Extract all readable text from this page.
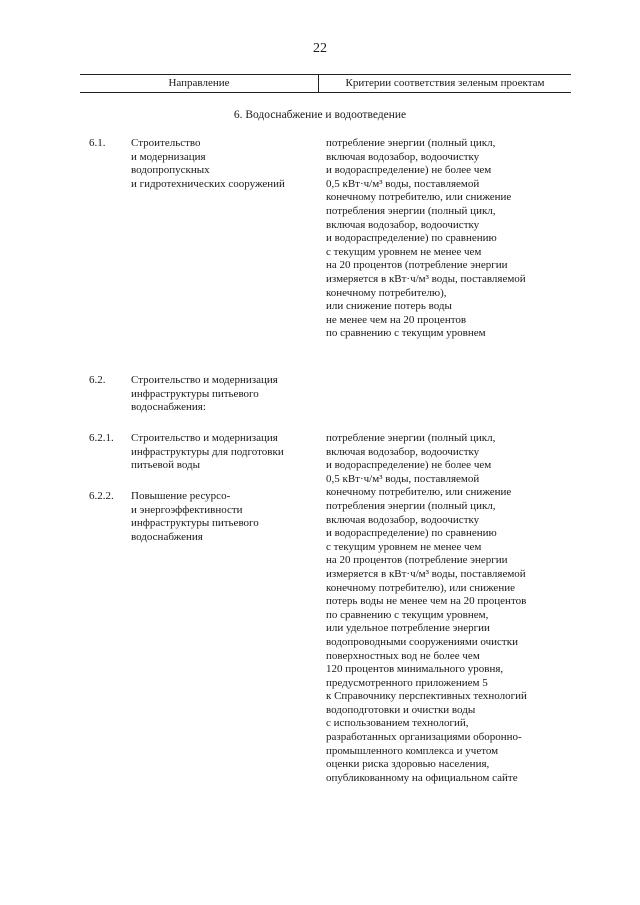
22
Направление	Критерии соответствия зеленым проектам
6. Водоснабжение и водоотведение
6.1. Строительство
и модернизация
водопропускных
и гидротехнических сооружений
потребление энергии (полный цикл,
включая водозабор, водоочистку
и водораспределение) не более чем
0,5 кВт·ч/м³ воды, поставляемой
конечному потребителю, или снижение
потребления энергии (полный цикл,
включая водозабор, водоочистку
и водораспределение) по сравнению
с текущим уровнем не менее чем
на 20 процентов (потребление энергии
измеряется в кВт·ч/м³ воды, поставляемой
конечному потребителю),
или снижение потерь воды
не менее чем на 20 процентов
по сравнению с текущим уровнем
6.2. Строительство и модернизация
инфраструктуры питьевого
водоснабжения:
6.2.1. Строительство и модернизация
инфраструктуры для подготовки
питьевой воды
6.2.2. Повышение ресурсо-
и энергоэффективности
инфраструктуры питьевого
водоснабжения
потребление энергии (полный цикл,
включая водозабор, водоочистку
и водораспределение) не более чем
0,5 кВт·ч/м³ воды, поставляемой
конечному потребителю, или снижение
потребления энергии (полный цикл,
включая водозабор, водоочистку
и водораспределение) по сравнению
с текущим уровнем не менее чем
на 20 процентов (потребление энергии
измеряется в кВт·ч/м³ воды, поставляемой
конечному потребителю), или снижение
потерь воды не менее чем на 20 процентов
по сравнению с текущим уровнем,
или удельное потребление энергии
водопроводными сооружениями очистки
поверхностных вод не более чем
120 процентов минимального уровня,
предусмотренного приложением 5
к Справочнику перспективных технологий
водоподготовки и очистки воды
с использованием технологий,
разработанных организациями оборонно-
промышленного комплекса и учетом
оценки риска здоровью населения,
опубликованному на официальном сайте
